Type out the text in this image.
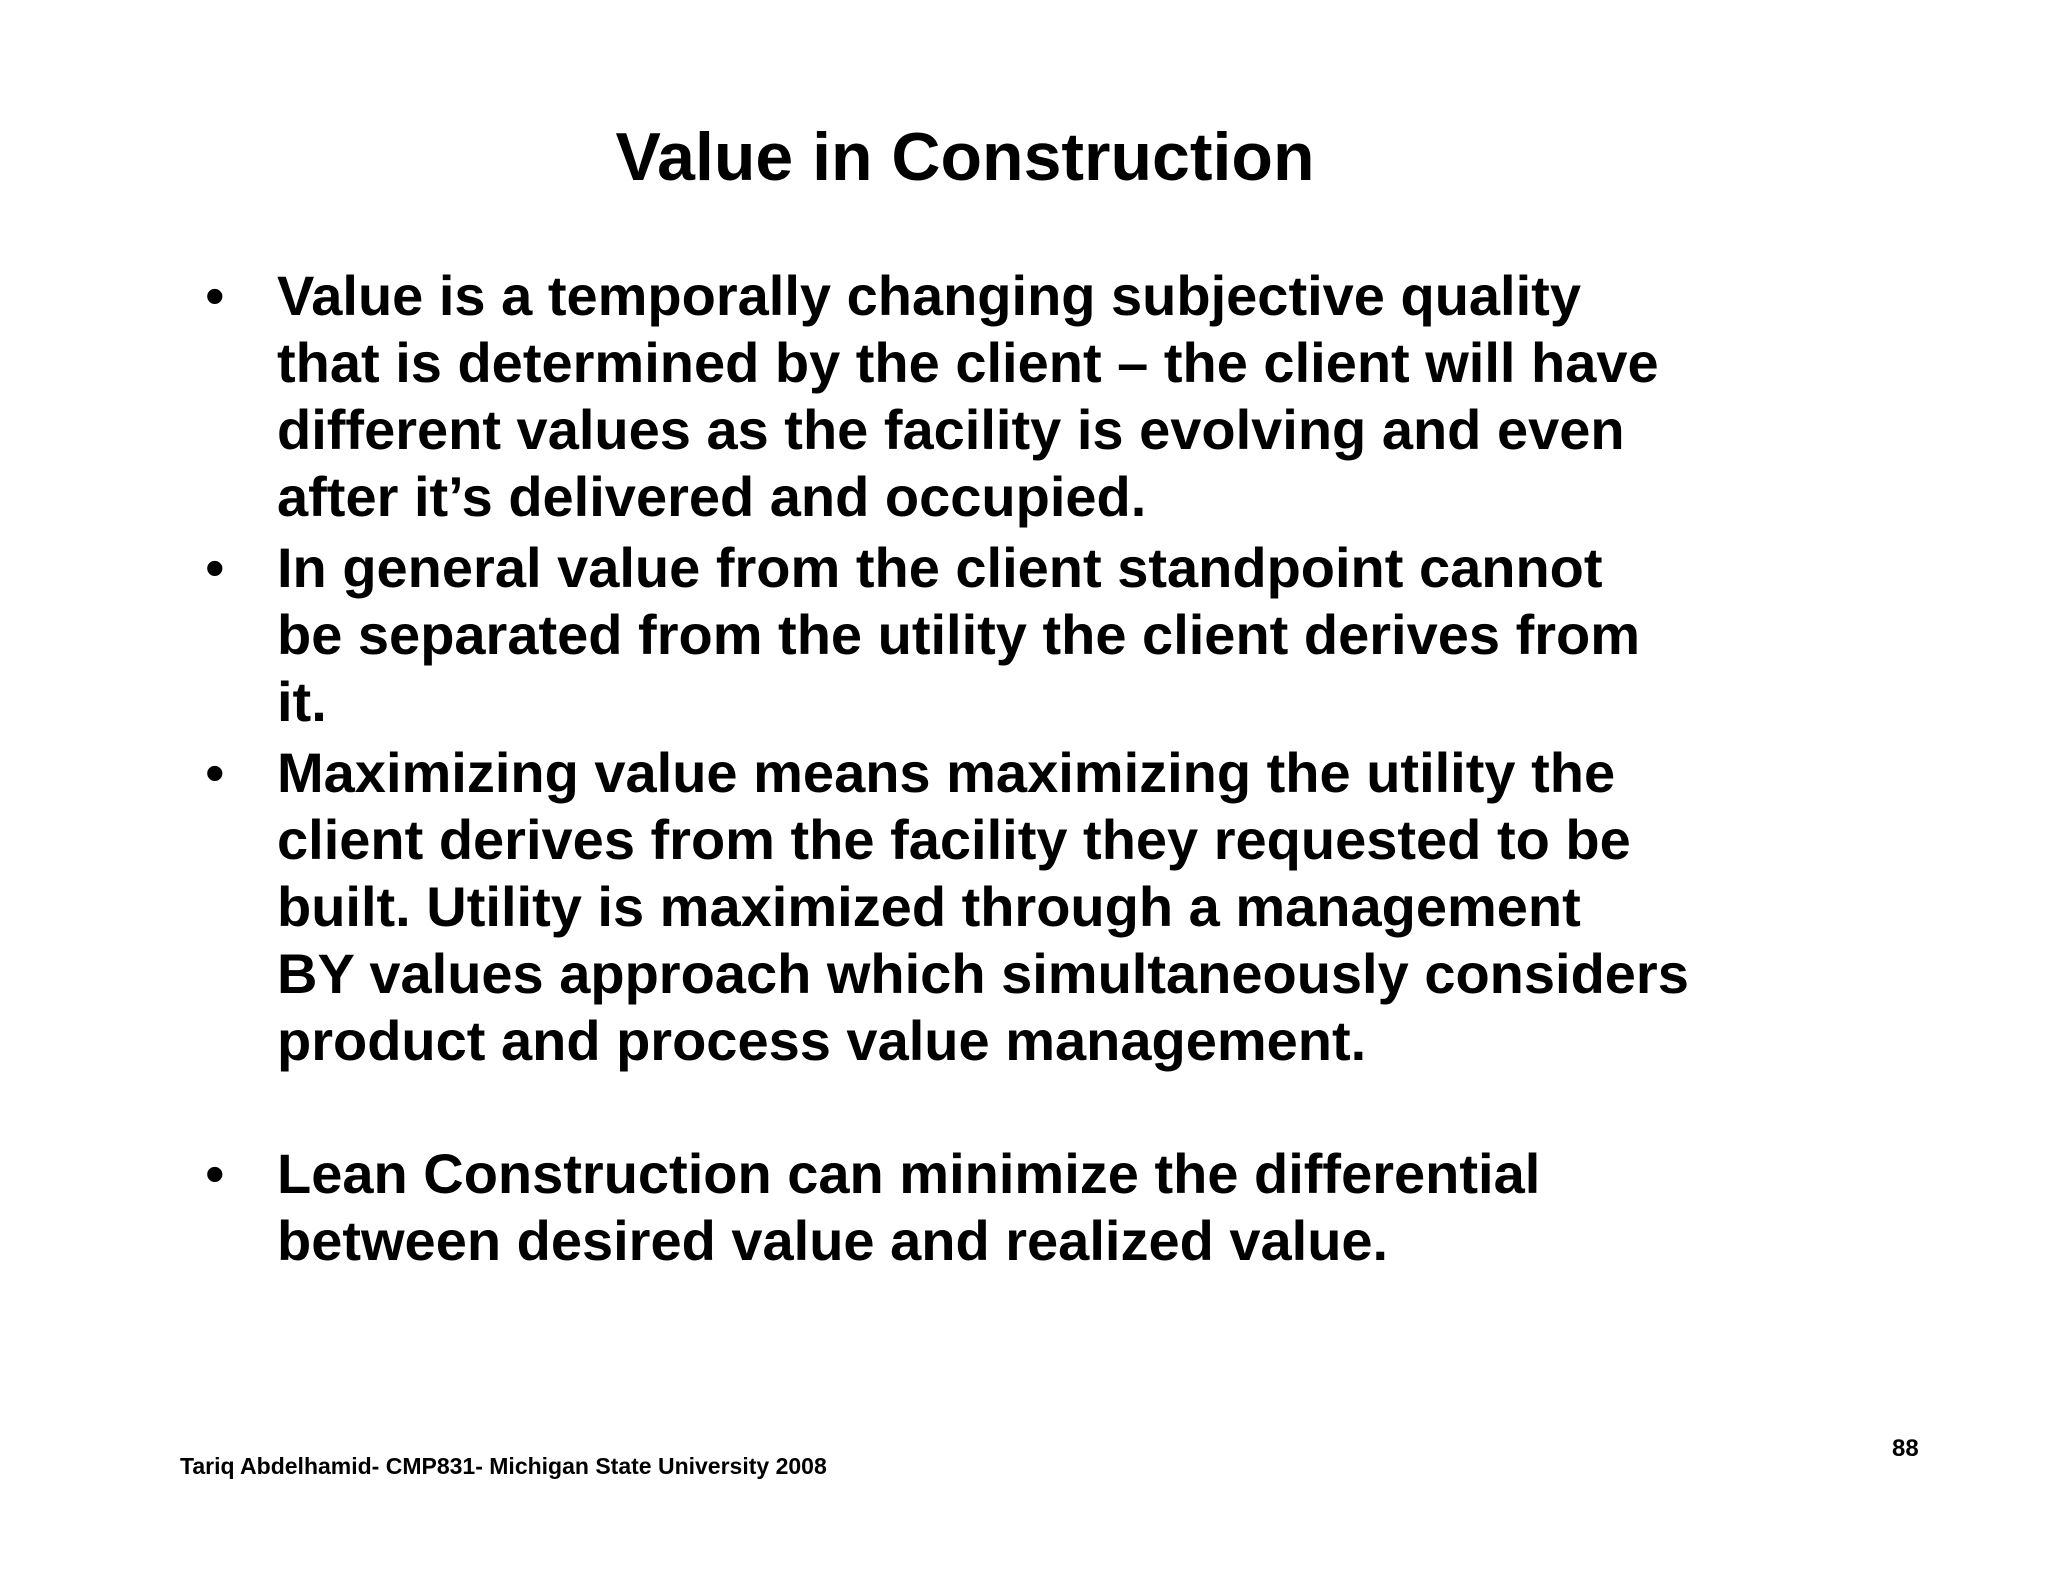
Value in Construction
• Value is a temporally changing subjective quality
that is determined by the client – the client will have
different values as the facility is evolving and even
after it’s delivered and occupied.
• In general value from the client standpoint cannot
be separated from the utility the client derives from
it.
• Maximizing value means maximizing the utility the
client derives from the facility they requested to be
built. Utility is maximized through a management
BY values approach which simultaneously considers
product and process value management.
• Lean Construction can minimize the differential
between desired value and realized value.

Tariq Abdelhamid- CMP831- Michigan State University 2008

88
